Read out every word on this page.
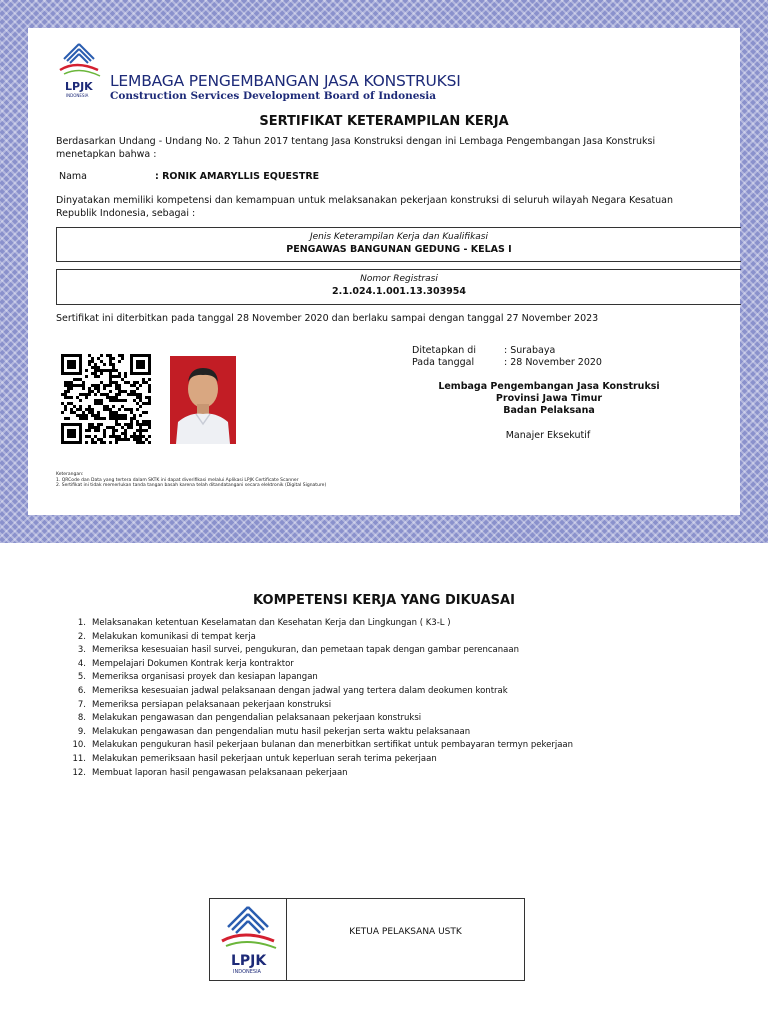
LPJK
INDONESIA
LEMBAGA PENGEMBANGAN JASA KONSTRUKSI
Construction Services Development Board of Indonesia
SERTIFIKAT KETERAMPILAN KERJA
Berdasarkan Undang - Undang No. 2 Tahun 2017 tentang Jasa Konstruksi dengan ini Lembaga Pengembangan Jasa Konstruksi menetapkan bahwa :
Nama	: RONIK AMARYLLIS EQUESTRE
Dinyatakan memiliki kompetensi dan kemampuan untuk melaksanakan pekerjaan konstruksi di seluruh wilayah Negara Kesatuan Republik Indonesia, sebagai :
Jenis Keterampilan Kerja dan Kualifikasi
PENGAWAS BANGUNAN GEDUNG - KELAS I
Nomor Registrasi
2.1.024.1.001.13.303954
Sertifikat ini diterbitkan pada tanggal 28 November 2020 dan berlaku sampai dengan tanggal 27 November 2023
Ditetapkan di	: Surabaya
Pada tanggal	: 28 November 2020
Lembaga Pengembangan Jasa Konstruksi
Provinsi Jawa Timur
Badan Pelaksana
Manajer Eksekutif
Keterangan:
1. QRCode dan Data yang tertera dalam SKTK ini dapat diverifikasi melalui Aplikasi LPJK Certificate Scanner
2. Sertifikat ini tidak memerlukan tanda tangan basah karena telah ditandatangani secara elektronik (Digital Signature)
KOMPETENSI KERJA YANG DIKUASAI
1. Melaksanakan ketentuan Keselamatan dan Kesehatan Kerja dan Lingkungan ( K3-L )
2. Melakukan komunikasi di tempat kerja
3. Memeriksa kesesuaian hasil survei, pengukuran, dan pemetaan tapak dengan gambar perencanaan
4. Mempelajari Dokumen Kontrak kerja kontraktor
5. Memeriksa organisasi proyek dan kesiapan lapangan
6. Memeriksa kesesuaian jadwal pelaksanaan dengan jadwal yang tertera dalam deokumen kontrak
7. Memeriksa persiapan pelaksanaan pekerjaan konstruksi
8. Melakukan pengawasan dan pengendalian pelaksanaan pekerjaan konstruksi
9. Melakukan pengawasan dan pengendalian mutu hasil pekerjan serta waktu pelaksanaan
10. Melakukan pengukuran hasil pekerjaan bulanan dan menerbitkan sertifikat untuk pembayaran termyn pekerjaan
11. Melakukan pemeriksaan hasil pekerjaan untuk keperluan serah terima pekerjaan
12. Membuat laporan hasil pengawasan pelaksanaan pekerjaan
LPJK
INDONESIA
KETUA PELAKSANA USTK
